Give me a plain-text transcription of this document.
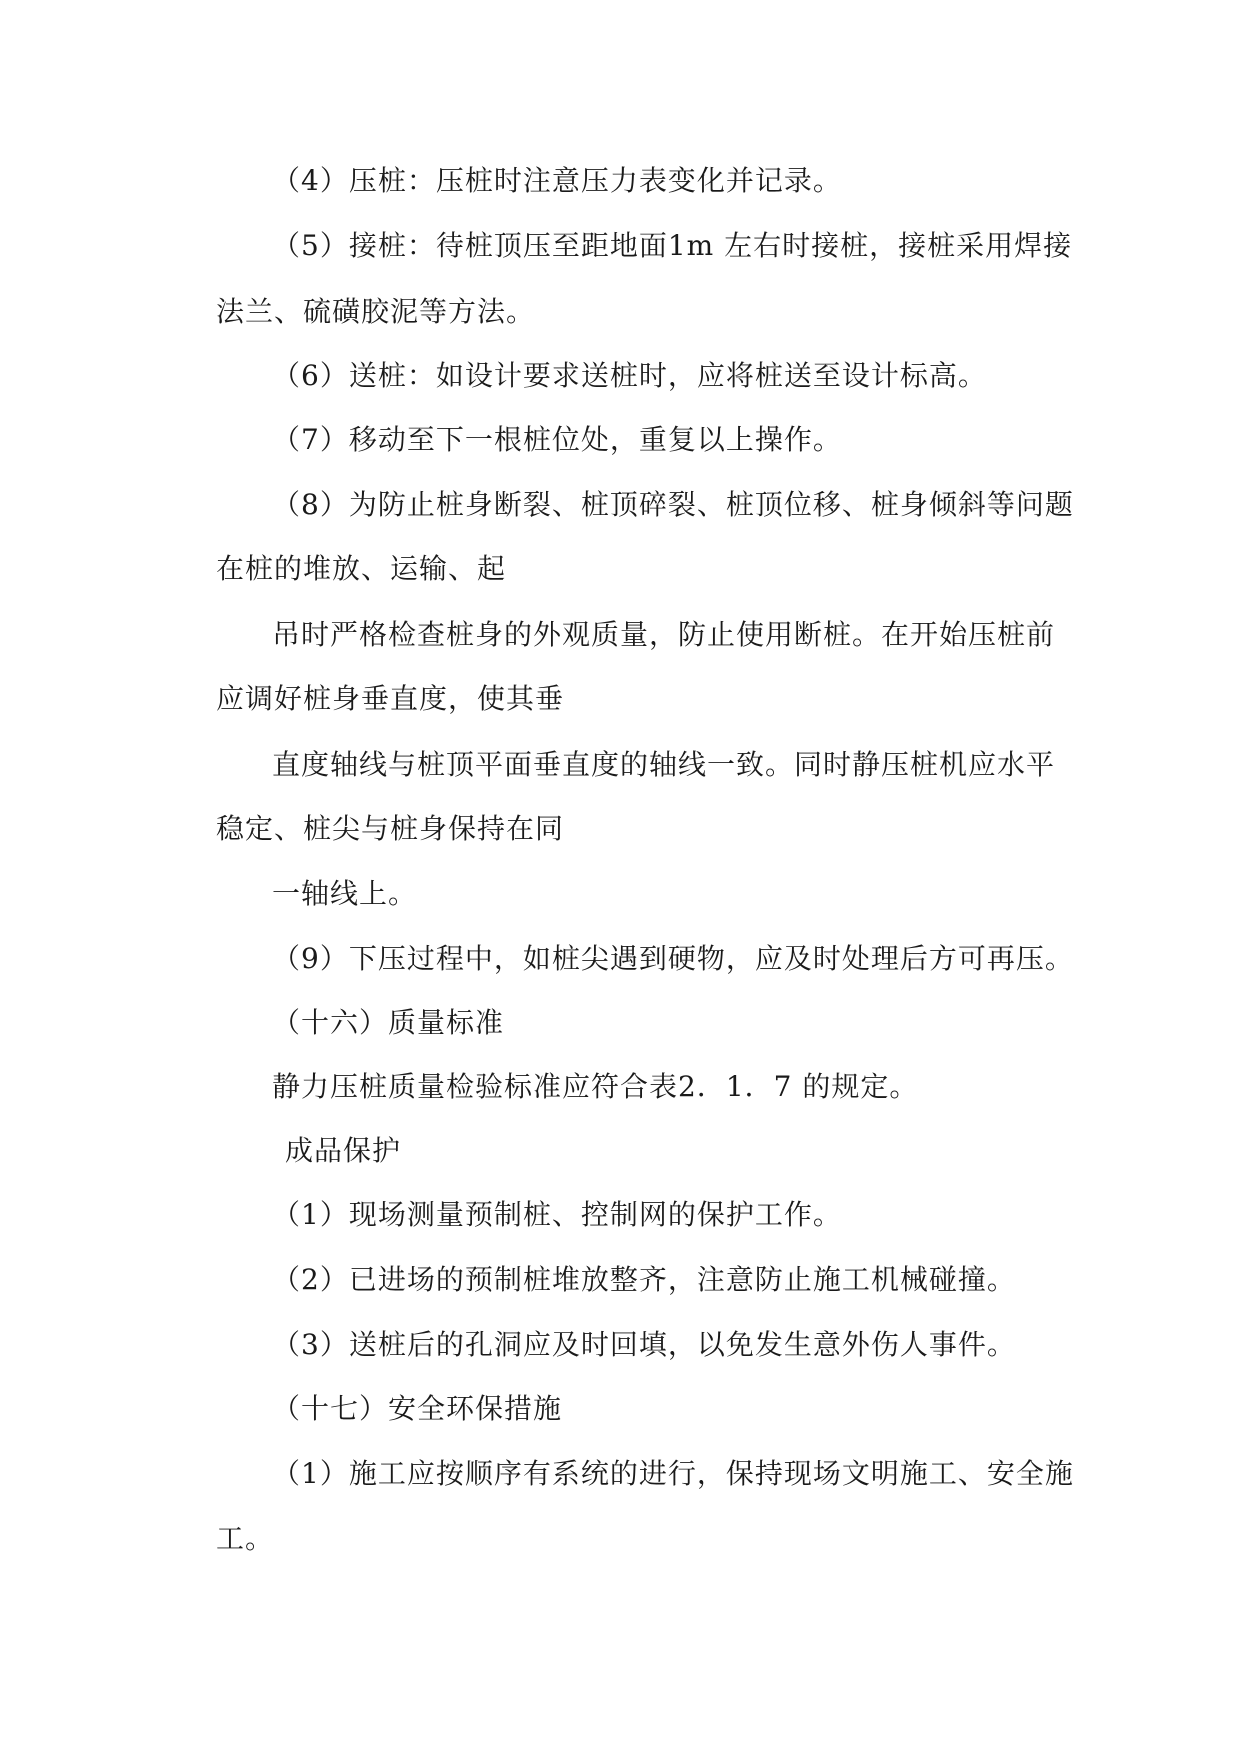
（4）压桩：压桩时注意压力表变化并记录。
（5）接桩：待桩顶压至距地面1m 左右时接桩，接桩采用焊接
法兰、硫磺胶泥等方法。
（6）送桩：如设计要求送桩时，应将桩送至设计标高。
（7）移动至下一根桩位处，重复以上操作。
（8）为防止桩身断裂、桩顶碎裂、桩顶位移、桩身倾斜等问题
在桩的堆放、运输、起
吊时严格检查桩身的外观质量，防止使用断桩。在开始压桩前
应调好桩身垂直度，使其垂
直度轴线与桩顶平面垂直度的轴线一致。同时静压桩机应水平
稳定、桩尖与桩身保持在同
一轴线上。
（9）下压过程中，如桩尖遇到硬物，应及时处理后方可再压。
（十六）质量标准
静力压桩质量检验标准应符合表2．1．7 的规定。
成品保护
（1）现场测量预制桩、控制网的保护工作。
（2）已进场的预制桩堆放整齐，注意防止施工机械碰撞。
（3）送桩后的孔洞应及时回填，以免发生意外伤人事件。
（十七）安全环保措施
（1）施工应按顺序有系统的进行，保持现场文明施工、安全施
工。
